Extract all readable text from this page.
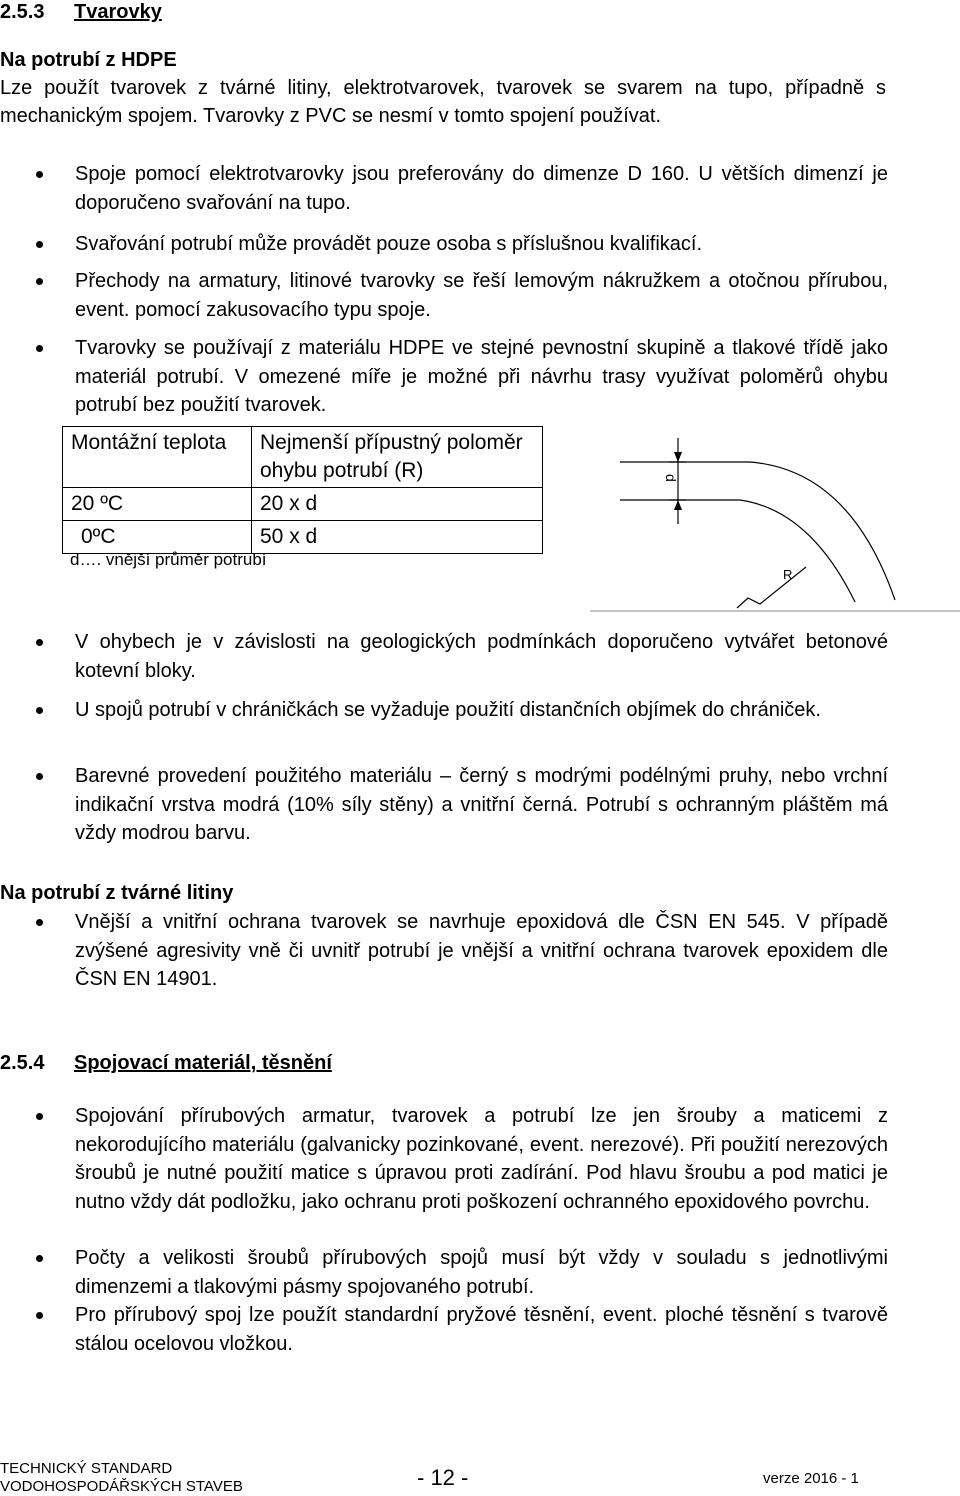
2.5.3 Tvarovky
Na potrubí z HDPE
Lze použít tvarovek z tvárné litiny, elektrotvarovek, tvarovek se svarem na tupo, případně s mechanickým spojem. Tvarovky z PVC se nesmí v tomto spojení používat.
Spoje pomocí elektrotvarovky jsou preferovány do dimenze D 160. U větších dimenzí je doporučeno svařování na tupo.
Svařování potrubí může provádět pouze osoba s příslušnou kvalifikací.
Přechody na armatury, litinové tvarovky se řeší lemovým nákružkem a otočnou přírubou, event. pomocí zakusovacího typu spoje.
Tvarovky se používají z materiálu HDPE ve stejné pevnostní skupině a tlakové třídě jako materiál potrubí. V omezené míře je možné při návrhu trasy využívat poloměrů ohybu potrubí bez použití tvarovek.
Montážní teplota	Nejmenší přípustný poloměr ohybu potrubí (R)
20 ºC	20 x d
0ºC	50 x d
d…. vnější průměr potrubí
d
R
V ohybech je v závislosti na geologických podmínkách doporučeno vytvářet betonové kotevní bloky.
U spojů potrubí v chráničkách se vyžaduje použití distančních objímek do chrániček.
Barevné provedení použitého materiálu – černý s modrými podélnými pruhy, nebo vrchní indikační vrstva modrá (10% síly stěny) a vnitřní černá. Potrubí s ochranným pláštěm má vždy modrou barvu.
Na potrubí z tvárné litiny
Vnější a vnitřní ochrana tvarovek se navrhuje epoxidová dle ČSN EN 545. V případě zvýšené agresivity vně či uvnitř potrubí je vnější a vnitřní ochrana tvarovek epoxidem dle ČSN EN 14901.
2.5.4 Spojovací materiál, těsnění
Spojování přírubových armatur, tvarovek a potrubí lze jen šrouby a maticemi z nekorodujícího materiálu (galvanicky pozinkované, event. nerezové). Při použití nerezových šroubů je nutné použití matice s úpravou proti zadírání. Pod hlavu šroubu a pod matici je nutno vždy dát podložku, jako ochranu proti poškození ochranného epoxidového povrchu.
Počty a velikosti šroubů přírubových spojů musí být vždy v souladu s jednotlivými dimenzemi a tlakovými pásmy spojovaného potrubí.
Pro přírubový spoj lze použít standardní pryžové těsnění, event. ploché těsnění s tvarově stálou ocelovou vložkou.
TECHNICKÝ STANDARD
VODOHOSPODÁŘSKÝCH STAVEB	- 12 -	verze 2016 - 1
